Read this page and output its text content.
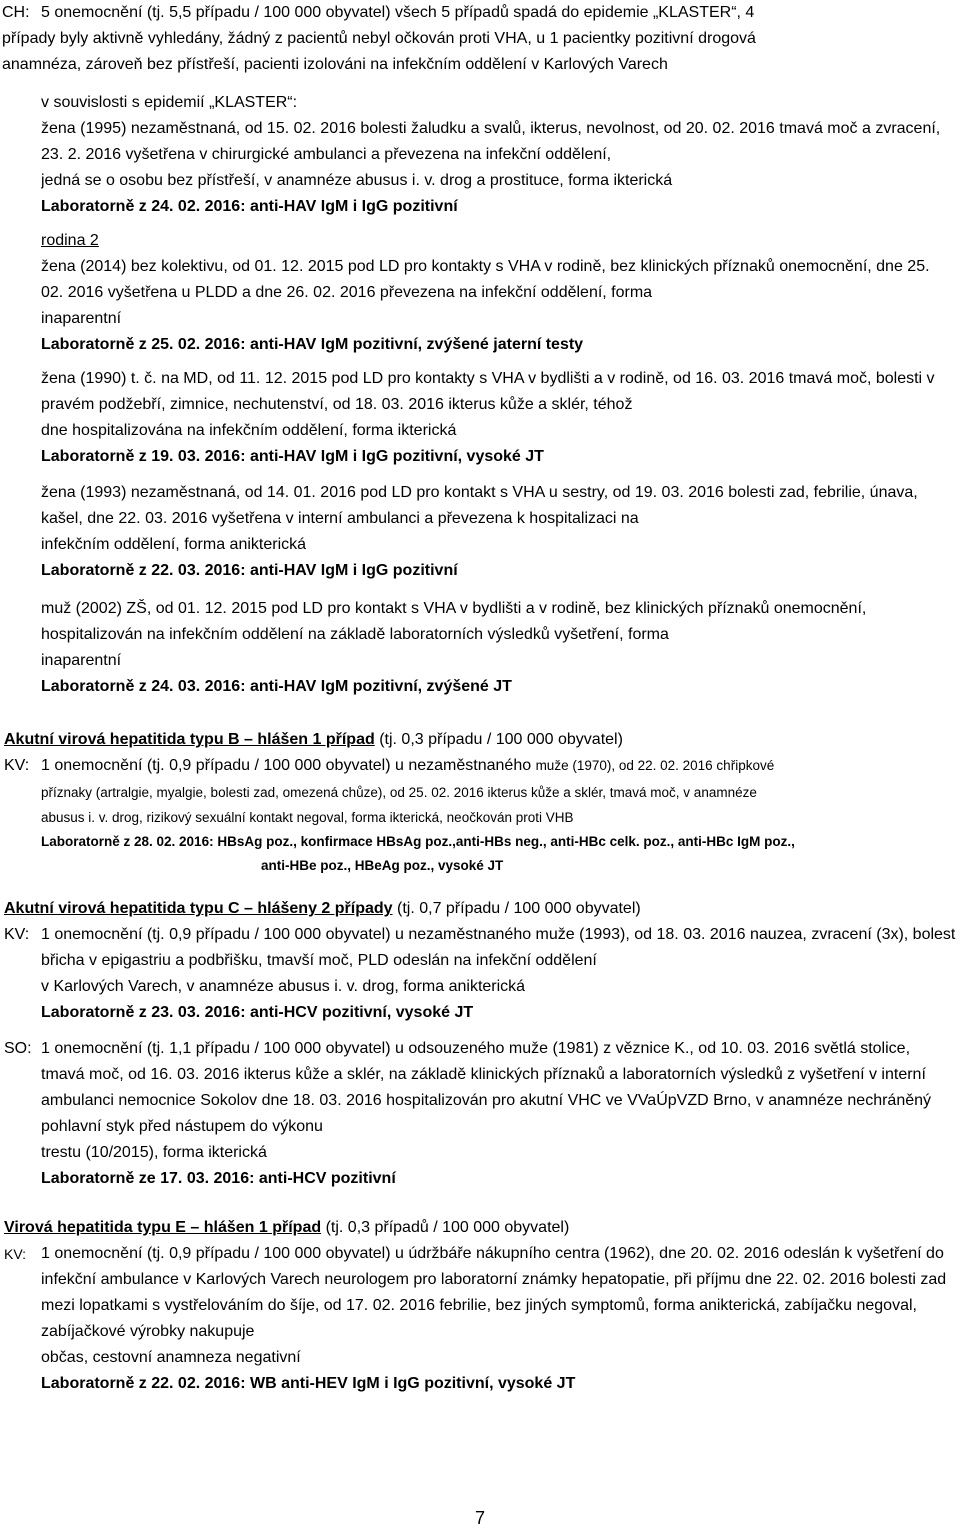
CH: 5 onemocnění (tj. 5,5 případu / 100 000 obyvatel) všech 5 případů spadá do epidemie „KLASTER“, 4
případy byly aktivně vyhledány, žádný z pacientů nebyl očkován proti VHA, u 1 pacientky pozitivní drogová
anamnéza, zároveň bez přístřeší, pacienti izolováni na infekčním oddělení v Karlových Varech
v souvislosti s epidemií „KLASTER“:
žena (1995) nezaměstnaná, od 15. 02. 2016 bolesti žaludku a svalů, ikterus, nevolnost, od 20. 02. 2016 tmavá moč a zvracení, 23. 2. 2016 vyšetřena v chirurgické ambulanci a převezena na infekční oddělení,
jedná se o osobu bez přístřeší, v anamnéze abusus i. v. drog a prostituce, forma ikterická
Laboratorně z 24. 02. 2016: anti-HAV IgM i IgG pozitivní
rodina 2
žena (2014) bez kolektivu, od 01. 12. 2015 pod LD pro kontakty s VHA v rodině, bez klinických příznaků onemocnění, dne 25. 02. 2016 vyšetřena u PLDD a dne 26. 02. 2016 převezena na infekční oddělení, forma
inaparentní
Laboratorně z 25. 02. 2016: anti-HAV IgM pozitivní, zvýšené jaterní testy
žena (1990) t. č. na MD, od 11. 12. 2015 pod LD pro kontakty s VHA v bydlišti a v rodině, od 16. 03. 2016 tmavá moč, bolesti v pravém podžebří, zimnice, nechutenství, od 18. 03. 2016 ikterus kůže a sklér, téhož
dne hospitalizována na infekčním oddělení, forma ikterická
Laboratorně z 19. 03. 2016: anti-HAV IgM i IgG pozitivní, vysoké JT
žena (1993) nezaměstnaná, od 14. 01. 2016 pod LD pro kontakt s VHA u sestry, od 19. 03. 2016 bolesti zad, febrilie, únava, kašel, dne 22. 03. 2016 vyšetřena v interní ambulanci a převezena k hospitalizaci na
infekčním oddělení, forma anikterická
Laboratorně z 22. 03. 2016: anti-HAV IgM i IgG pozitivní
muž (2002) ZŠ, od 01. 12. 2015 pod LD pro kontakt s VHA v bydlišti a v rodině, bez klinických příznaků onemocnění, hospitalizován na infekčním oddělení na základě laboratorních výsledků vyšetření, forma
inaparentní
Laboratorně z 24. 03. 2016: anti-HAV IgM pozitivní, zvýšené JT
Akutní virová hepatitida typu B – hlášen 1 případ (tj. 0,3 případu / 100 000 obyvatel)
KV: 1 onemocnění (tj. 0,9 případu / 100 000 obyvatel) u nezaměstnaného muže (1970), od 22. 02. 2016 chřipkové
příznaky (artralgie, myalgie, bolesti zad, omezená chůze), od 25. 02. 2016 ikterus kůže a sklér, tmavá moč, v anamnéze
abusus i. v. drog, rizikový sexuální kontakt negoval, forma ikterická, neočkován proti VHB
Laboratorně z 28. 02. 2016: HBsAg poz., konfirmace HBsAg poz.,anti-HBs neg., anti-HBc celk. poz., anti-HBc IgM poz.,
anti-HBe poz., HBeAg poz., vysoké JT
Akutní virová hepatitida typu C – hlášeny 2 případy (tj. 0,7 případu / 100 000 obyvatel)
KV: 1 onemocnění (tj. 0,9 případu / 100 000 obyvatel) u nezaměstnaného muže (1993), od 18. 03. 2016 nauzea, zvracení (3x), bolest břicha v epigastriu a podbřišku, tmavší moč, PLD odeslán na infekční oddělení
v Karlových Varech, v anamnéze abusus i. v. drog, forma anikterická
Laboratorně z 23. 03. 2016: anti-HCV pozitivní, vysoké JT
SO: 1 onemocnění (tj. 1,1 případu / 100 000 obyvatel) u odsouzeného muže (1981) z věznice K., od 10. 03. 2016 světlá stolice, tmavá moč, od 16. 03. 2016 ikterus kůže a sklér, na základě klinických příznaků a laboratorních výsledků z vyšetření v interní ambulanci nemocnice Sokolov dne 18. 03. 2016 hospitalizován pro akutní VHC ve VVaÚpVZD Brno, v anamnéze nechráněný pohlavní styk před nástupem do výkonu
trestu (10/2015), forma ikterická
Laboratorně ze 17. 03. 2016: anti-HCV pozitivní
Virová hepatitida typu E – hlášen 1 případ (tj. 0,3 případů / 100 000 obyvatel)
KV: 1 onemocnění (tj. 0,9 případu / 100 000 obyvatel) u údržbáře nákupního centra (1962), dne 20. 02. 2016 odeslán k vyšetření do infekční ambulance v Karlových Varech neurologem pro laboratorní známky hepatopatie, při příjmu dne 22. 02. 2016 bolesti zad mezi lopatkami s vystřelováním do šíje, od 17. 02. 2016 febrilie, bez jiných symptomů, forma anikterická, zabíjačku negoval, zabíjačkové výrobky nakupuje
občas, cestovní anamneza negativní
Laboratorně z 22. 02. 2016: WB anti-HEV IgM i IgG pozitivní, vysoké JT
7
